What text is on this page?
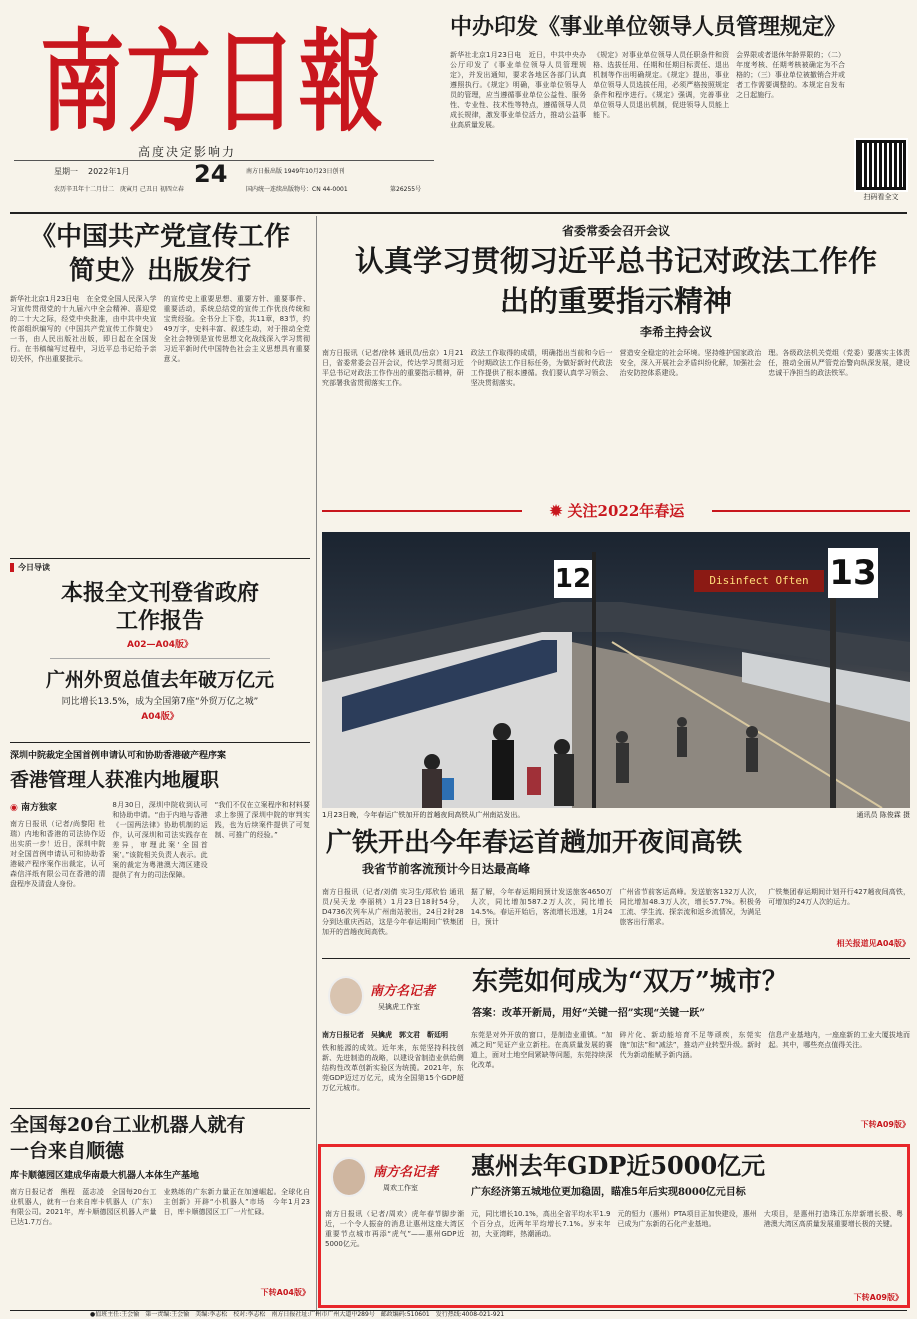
南方日報
高度决定影响力
星期一 2022年1月	24
农历辛丑年十二月廿二　庚寅月 己丑日 初四立春
南方日报出版 1949年10月23日创刊
国内统一连续出版物号：CN 44-0001	第26255号
中办印发《事业单位领导人员管理规定》
新华社北京1月23日电　近日，中共中央办公厅印发了《事业单位领导人员管理规定》，并发出通知，要求各地区各部门认真遵照执行。《规定》明确，事业单位领导人员的管理，应当遵循事业单位公益性、服务性、专业性、技术性等特点，遵循领导人员成长规律，激发事业单位活力，推动公益事业高质量发展。
《规定》对事业单位领导人员任职条件和资格、选拔任用、任期和任期目标责任、退出机制等作出明确规定。《规定》提出，事业单位领导人员选拔任用，必须严格按照规定条件和程序进行。《规定》强调，完善事业单位领导人员退出机制，促进领导人员能上能下。
会界限或者退休年龄界限的；（二）年度考核、任期考核被确定为不合格的；（三）事业单位被撤销合并或者工作需要调整的。本规定自发布之日起施行。
扫码看全文
《中国共产党宣传工作简史》出版发行
新华社北京1月23日电　在全党全国人民深入学习宣传贯彻党的十九届六中全会精神、喜迎党的二十大之际，经党中央批准，由中共中央宣传部组织编写的《中国共产党宣传工作简史》一书，由人民出版社出版，即日起在全国发行。在书稿编写过程中，习近平总书记给予亲切关怀，作出重要批示。
的宣传史上重要思想、重要方针、重要事件、重要活动，系统总结党的宣传工作优良传统和宝贵经验。全书分上下卷，共11章，83节，约49万字，史料丰富、叙述生动，对于推动全党全社会特别是宣传思想文化战线深入学习贯彻习近平新时代中国特色社会主义思想具有重要意义。
今日导读
本报全文刊登省政府工作报告
A02—A04版》
广州外贸总值去年破万亿元
同比增长13.5%，成为全国第7座“外贸万亿之城”
A04版》
深圳中院裁定全国首例申请认可和协助香港破产程序案
香港管理人获准内地履职
◉ 南方独家
南方日报讯（记者/尚黎阳 杜瑞）内地和香港的司法协作迈出实质一步！近日，深圳中院对全国首例申请认可和协助香港破产程序案作出裁定，认可森信洋纸有限公司在香港的清盘程序及清盘人身份。
8月30日，深圳中院收到认可和协助申请。“由于内地与香港《一国两法律》协助机制的运作，认可深圳和司法实践存在差异，审理此案‘全国首案’。”该院相关负责人表示。此案的裁定为粤港澳大湾区建设提供了有力的司法保障。
“我们不仅在立案程序和材料要求上参照了深圳中院的审判实践，也为后续案件提供了可复制、可推广的经验。”
全国每20台工业机器人就有一台来自顺德
库卡顺德园区建成华南最大机器人本体生产基地
南方日报记者　熊程　蓝志凌　全国每20台工业机器人，就有一台来自库卡机器人（广东）有限公司。2021年，库卡顺德园区机器人产量已达1.7万台。
业熟练的广东新力量正在加速崛起。全球化自主创新》开辟“小机器人”市场　今年1月23日，库卡顺德园区工厂一片忙碌。
下转A04版》
省委常委会召开会议
认真学习贯彻习近平总书记对政法工作作出的重要指示精神
李希主持会议
南方日报讯（记者/徐林 通讯员/岳京）1月21日，省委常委会召开会议，传达学习贯彻习近平总书记对政法工作作出的重要指示精神，研究部署我省贯彻落实工作。
政法工作取得的成绩，明确指出当前和今后一个时期政法工作目标任务，为做好新时代政法工作提供了根本遵循。我们要认真学习领会、坚决贯彻落实。
营造安全稳定的社会环境。坚持维护国家政治安全，深入开展社会矛盾纠纷化解，加强社会治安防控体系建设。
理。各级政法机关党组（党委）要落实主体责任，推动全面从严管党治警向纵深发展，建设忠诚干净担当的政法铁军。
✹ 关注2022年春运
12	Disinfect Often 13
1月23日晚，今年春运广铁加开的首趟夜间高铁从广州南站发出。	通讯员 陈俊霖 摄
广铁开出今年春运首趟加开夜间高铁
我省节前客流预计今日达最高峰
南方日报讯（记者/刘倩 实习生/郑欣怡 通讯员/吴天龙 李丽桃）1月23日18时54分，D4736次列车从广州南站驶出，24日2时28分到达重庆西站，这是今年春运期间广铁集团加开的首趟夜间高铁。
据了解，今年春运期间预计发送旅客4650万人次，同比增加587.2万人次，同比增长14.5%。春运开始后，客流增长迅速，1月24日，预计
广州省节前客运高峰。发送旅客132万人次，同比增加48.3万人次，增长57.7%。积极务工流、学生流、探亲流和返乡流情况，为满足旅客出行需求。
广铁集团春运期间计划开行427趟夜间高铁，可增加约24万人次的运力。
相关报道见A04版》
南方名记者
吴擒虎工作室
东莞如何成为“双万”城市？
答案：改革开新局，用好“关键一招”实现“关键一跃”
南方日报记者　吴擒虎　郭文君　靳廷明
铁和能源的成效。近年来，东莞坚持科技创新、先进制造的战略，以建设省制造业供给侧结构性改革创新实验区为统揽。2021年，东莞GDP迈过万亿元，成为全国第15个GDP超万亿元城市。
东莞是对外开放的窗口，是制造业重镇。“加减之间”见证产业立新柱。在高质量发展的赛道上，面对土地空间紧缺等问题，东莞持续深化改革。
碎片化、新动能培育不足等顽疾，东莞实施“加法”和“减法”，推动产业转型升级。新时代为新动能赋予新内涵。
信息产业基地内，一座座新的工业大厦拔地而起。其中，哪些亮点值得关注。
下转A09版》
南方名记者
周欢工作室
惠州去年GDP近5000亿元
广东经济第五城地位更加稳固，瞄准5年后实现8000亿元目标
南方日报讯（记者/周欢）虎年春节脚步渐近，一个令人振奋的消息让惠州这座大湾区重要节点城市再添“虎气”——惠州GDP近5000亿元。
元，同比增长10.1%，高出全省平均水平1.9个百分点，近两年平均增长7.1%。岁末年初，大亚湾畔，热潮涌动。
元的恒力（惠州）PTA项目正加快建设，惠州已成为广东新的石化产业基地。
大项目，是惠州打造珠江东岸新增长极、粤港澳大湾区高质量发展重要增长极的关键。
下转A09版》
●值班主任:王会愉　第一责编:王会愉　美编:李志松　校对:李志松　南方日报社址:广州市广州大道中289号　邮政编码:510601　发行热线:4008-021-921
